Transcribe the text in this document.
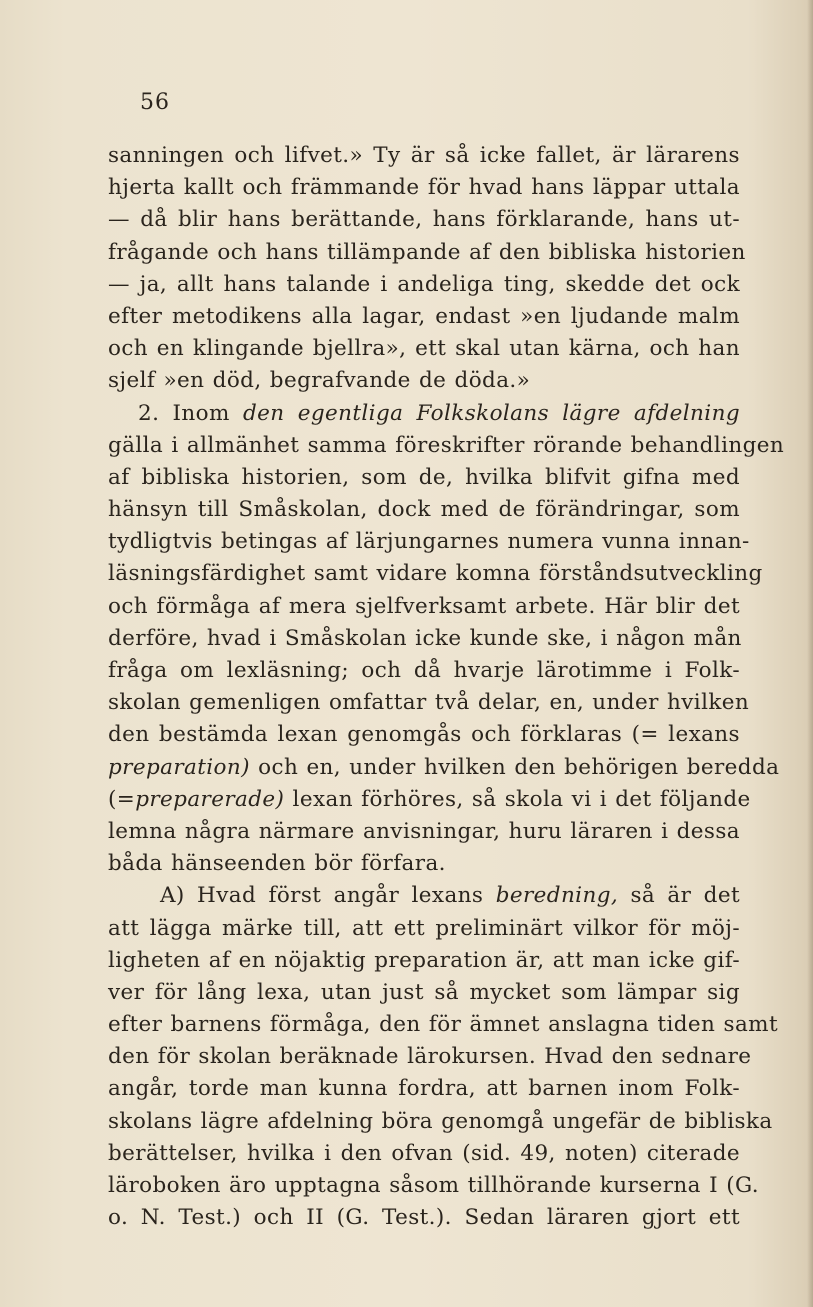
56
sanningen och lifvet.» Ty är så icke fallet, är lärarens
hjerta kallt och främmande för hvad hans läppar uttala
— då blir hans berättande, hans förklarande, hans ut-
frågande och hans tillämpande af den bibliska historien
— ja, allt hans talande i andeliga ting, skedde det ock
efter metodikens alla lagar, endast »en ljudande malm
och en klingande bjellra», ett skal utan kärna, och han
sjelf »en död, begrafvande de döda.»
2. Inom den egentliga Folkskolans lägre afdelning
gälla i allmänhet samma föreskrifter rörande behandlingen
af bibliska historien, som de, hvilka blifvit gifna med
hänsyn till Småskolan, dock med de förändringar, som
tydligtvis betingas af lärjungarnes numera vunna innan-
läsningsfärdighet samt vidare komna förståndsutveckling
och förmåga af mera sjelfverksamt arbete. Här blir det
derföre, hvad i Småskolan icke kunde ske, i någon mån
fråga om lexläsning; och då hvarje lärotimme i Folk-
skolan gemenligen omfattar två delar, en, under hvilken
den bestämda lexan genomgås och förklaras (= lexans
preparation) och en, under hvilken den behörigen beredda
(=preparerade) lexan förhöres, så skola vi i det följande
lemna några närmare anvisningar, huru läraren i dessa
båda hänseenden bör förfara.
A) Hvad först angår lexans beredning, så är det
att lägga märke till, att ett preliminärt vilkor för möj-
ligheten af en nöjaktig preparation är, att man icke gif-
ver för lång lexa, utan just så mycket som lämpar sig
efter barnens förmåga, den för ämnet anslagna tiden samt
den för skolan beräknade lärokursen. Hvad den sednare
angår, torde man kunna fordra, att barnen inom Folk-
skolans lägre afdelning böra genomgå ungefär de bibliska
berättelser, hvilka i den ofvan (sid. 49, noten) citerade
läroboken äro upptagna såsom tillhörande kurserna I (G.
o. N. Test.) och II (G. Test.). Sedan läraren gjort ett
